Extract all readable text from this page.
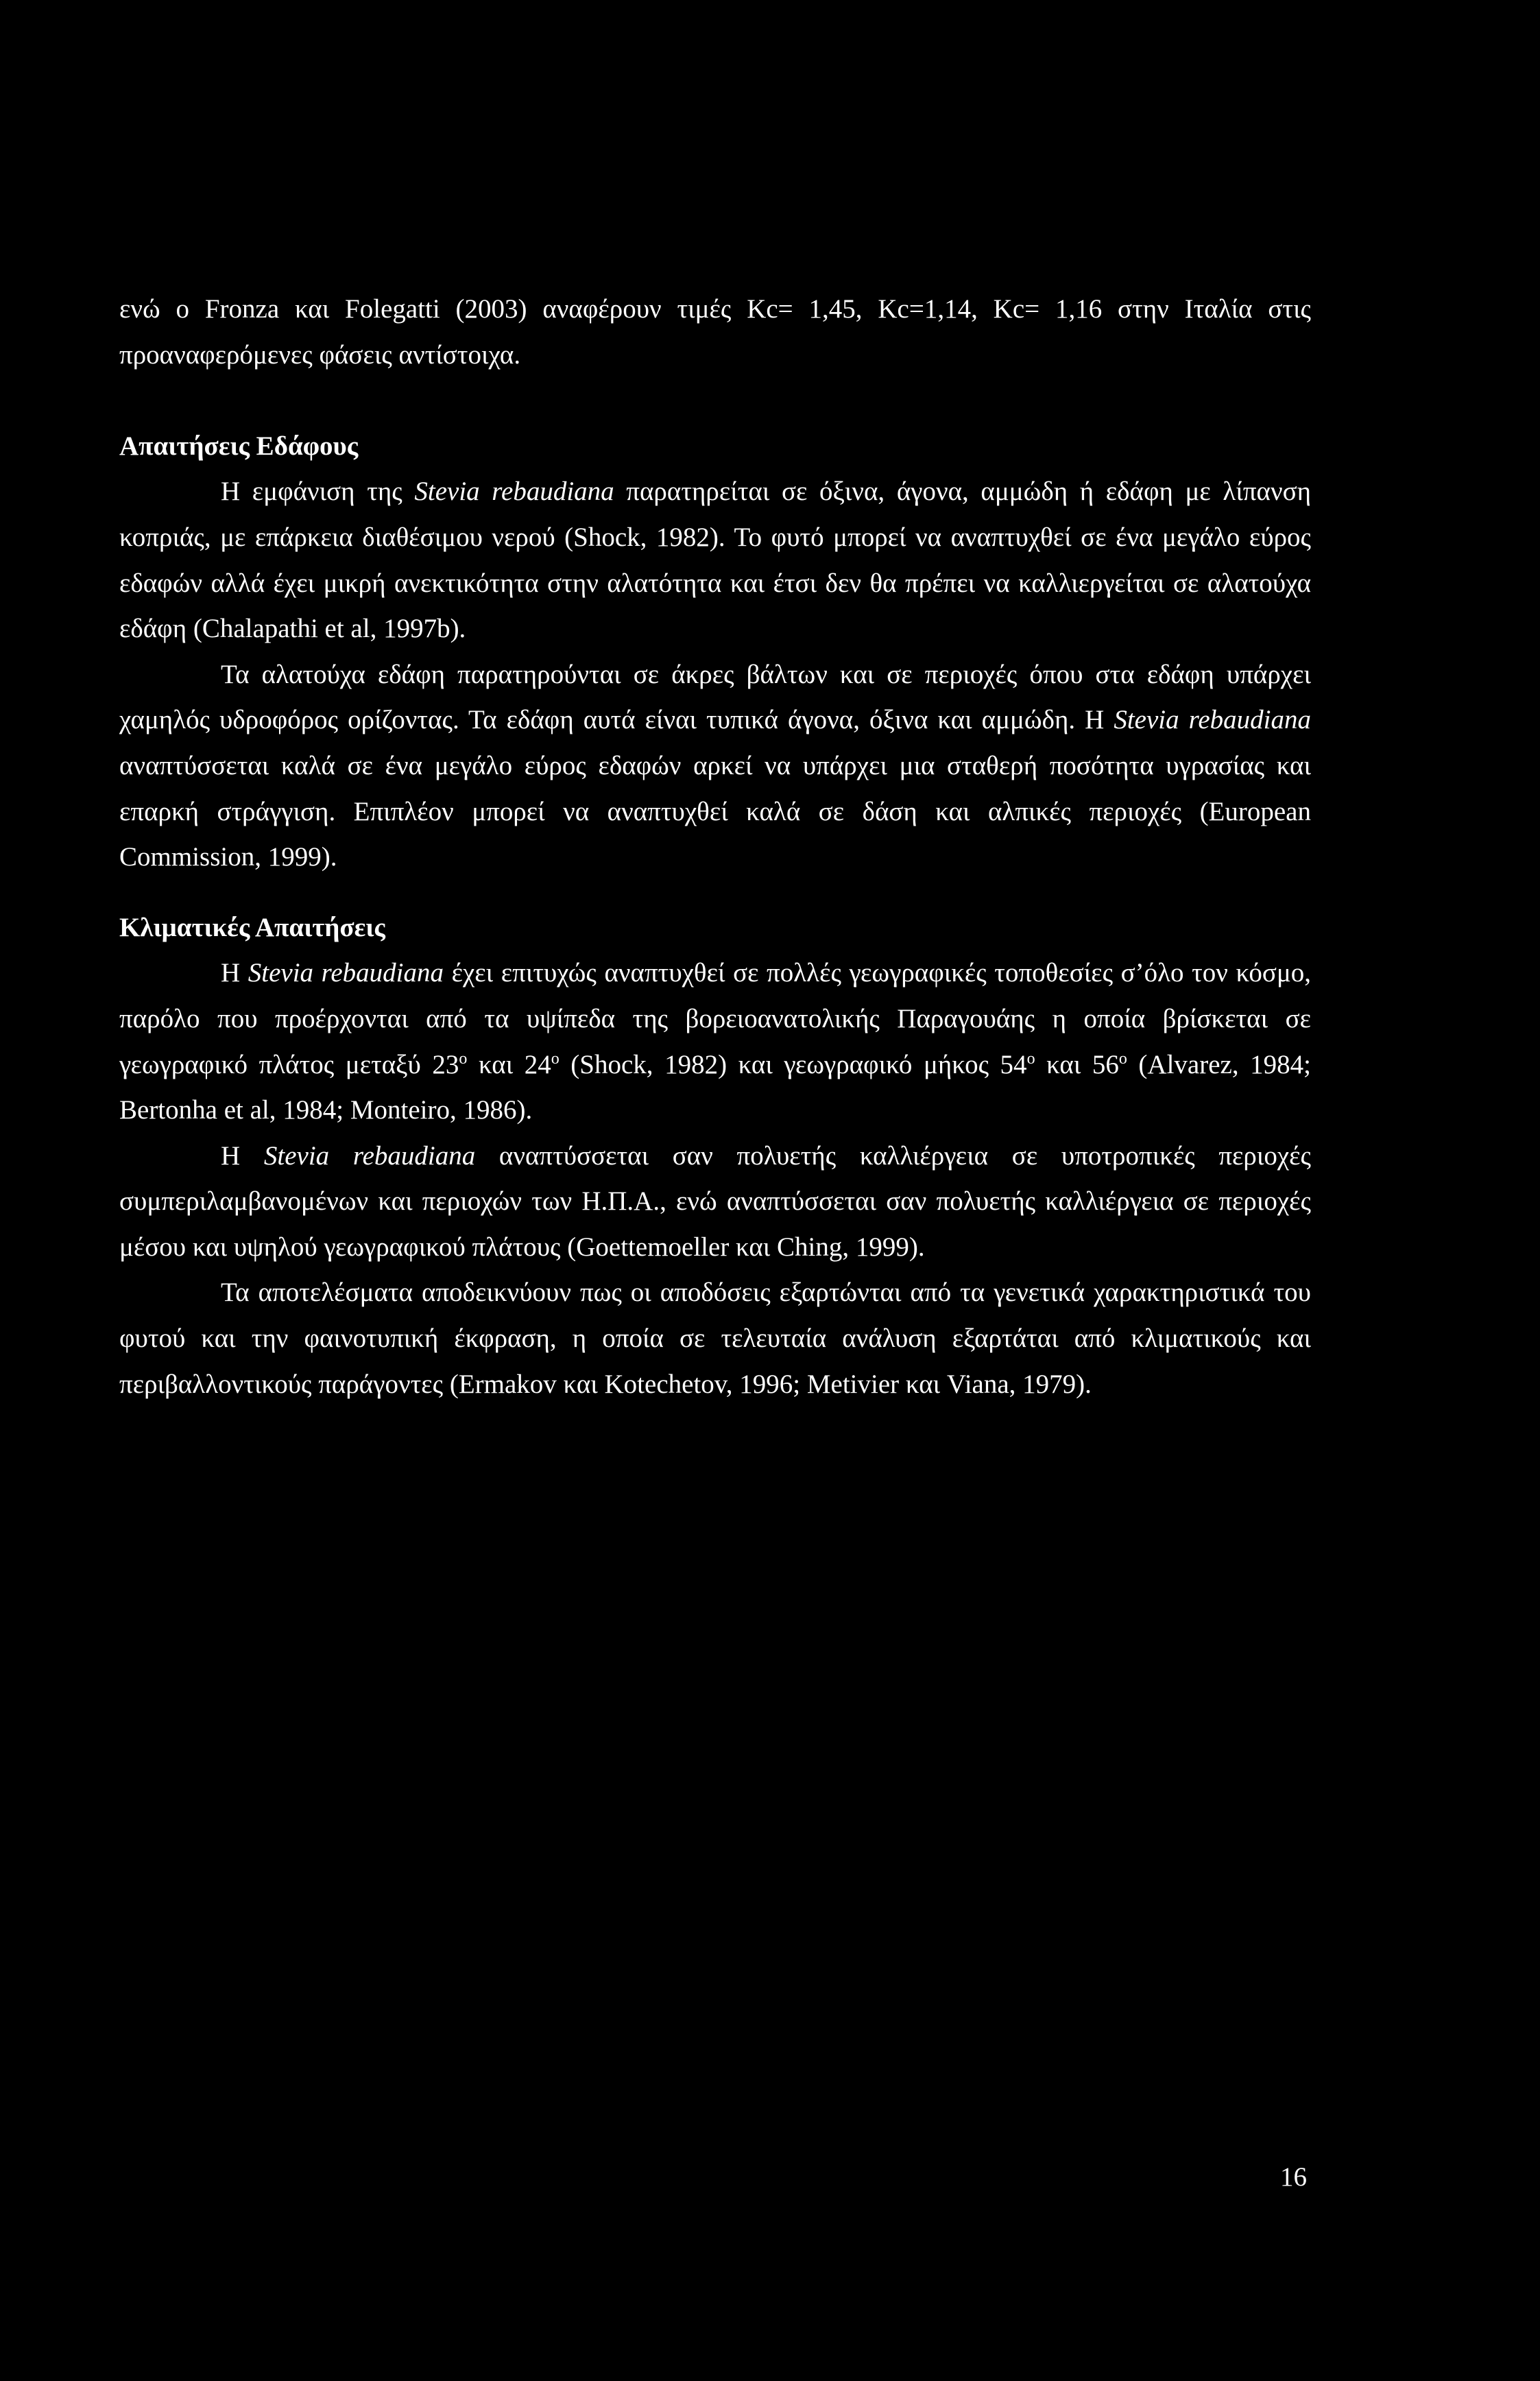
ενώ ο Fronza και Folegatti (2003) αναφέρουν τιμές Kc= 1,45, Kc=1,14, Kc= 1,16 στην Ιταλία στις προαναφερόμενες φάσεις αντίστοιχα.

Απαιτήσεις Εδάφους

Η εμφάνιση της Stevia rebaudiana παρατηρείται σε όξινα, άγονα, αμμώδη ή εδάφη με λίπανση κοπριάς, με επάρκεια διαθέσιμου νερού (Shock, 1982). Το φυτό μπορεί να αναπτυχθεί σε ένα μεγάλο εύρος εδαφών αλλά έχει μικρή ανεκτικότητα στην αλατότητα και έτσι δεν θα πρέπει να καλλιεργείται σε αλατούχα εδάφη (Chalapathi et al, 1997b).

Τα αλατούχα εδάφη παρατηρούνται σε άκρες βάλτων και σε περιοχές όπου στα εδάφη υπάρχει χαμηλός υδροφόρος ορίζοντας. Τα εδάφη αυτά είναι τυπικά άγονα, όξινα και αμμώδη. Η Stevia rebaudiana αναπτύσσεται καλά σε ένα μεγάλο εύρος εδαφών αρκεί να υπάρχει μια σταθερή ποσότητα υγρασίας και επαρκή στράγγιση. Επιπλέον μπορεί να αναπτυχθεί καλά σε δάση και αλπικές περιοχές (European Commission, 1999).

Κλιματικές Απαιτήσεις

Η Stevia rebaudiana έχει επιτυχώς αναπτυχθεί σε πολλές γεωγραφικές τοποθεσίες σ’όλο τον κόσμο, παρόλο που προέρχονται από τα υψίπεδα της βορειοανατολικής Παραγουάης η οποία βρίσκεται σε γεωγραφικό πλάτος μεταξύ $23^o$ και $24^o$ (Shock, 1982) και γεωγραφικό μήκος $54^o$ και $56^o$ (Alvarez, 1984; Bertonha et al, 1984; Monteiro, 1986).

Η Stevia rebaudiana αναπτύσσεται σαν πολυετής καλλιέργεια σε υποτροπικές περιοχές συμπεριλαμβανομένων και περιοχών των Η.Π.Α., ενώ αναπτύσσεται σαν πολυετής καλλιέργεια σε περιοχές μέσου και υψηλού γεωγραφικού πλάτους (Goettemoeller και Ching, 1999).

Τα αποτελέσματα αποδεικνύουν πως οι αποδόσεις εξαρτώνται από τα γενετικά χαρακτηριστικά του φυτού και την φαινοτυπική έκφραση, η οποία σε τελευταία ανάλυση εξαρτάται από κλιματικούς και περιβαλλοντικούς παράγοντες (Ermakov και Kotechetov, 1996; Metivier και Viana, 1979).

16
